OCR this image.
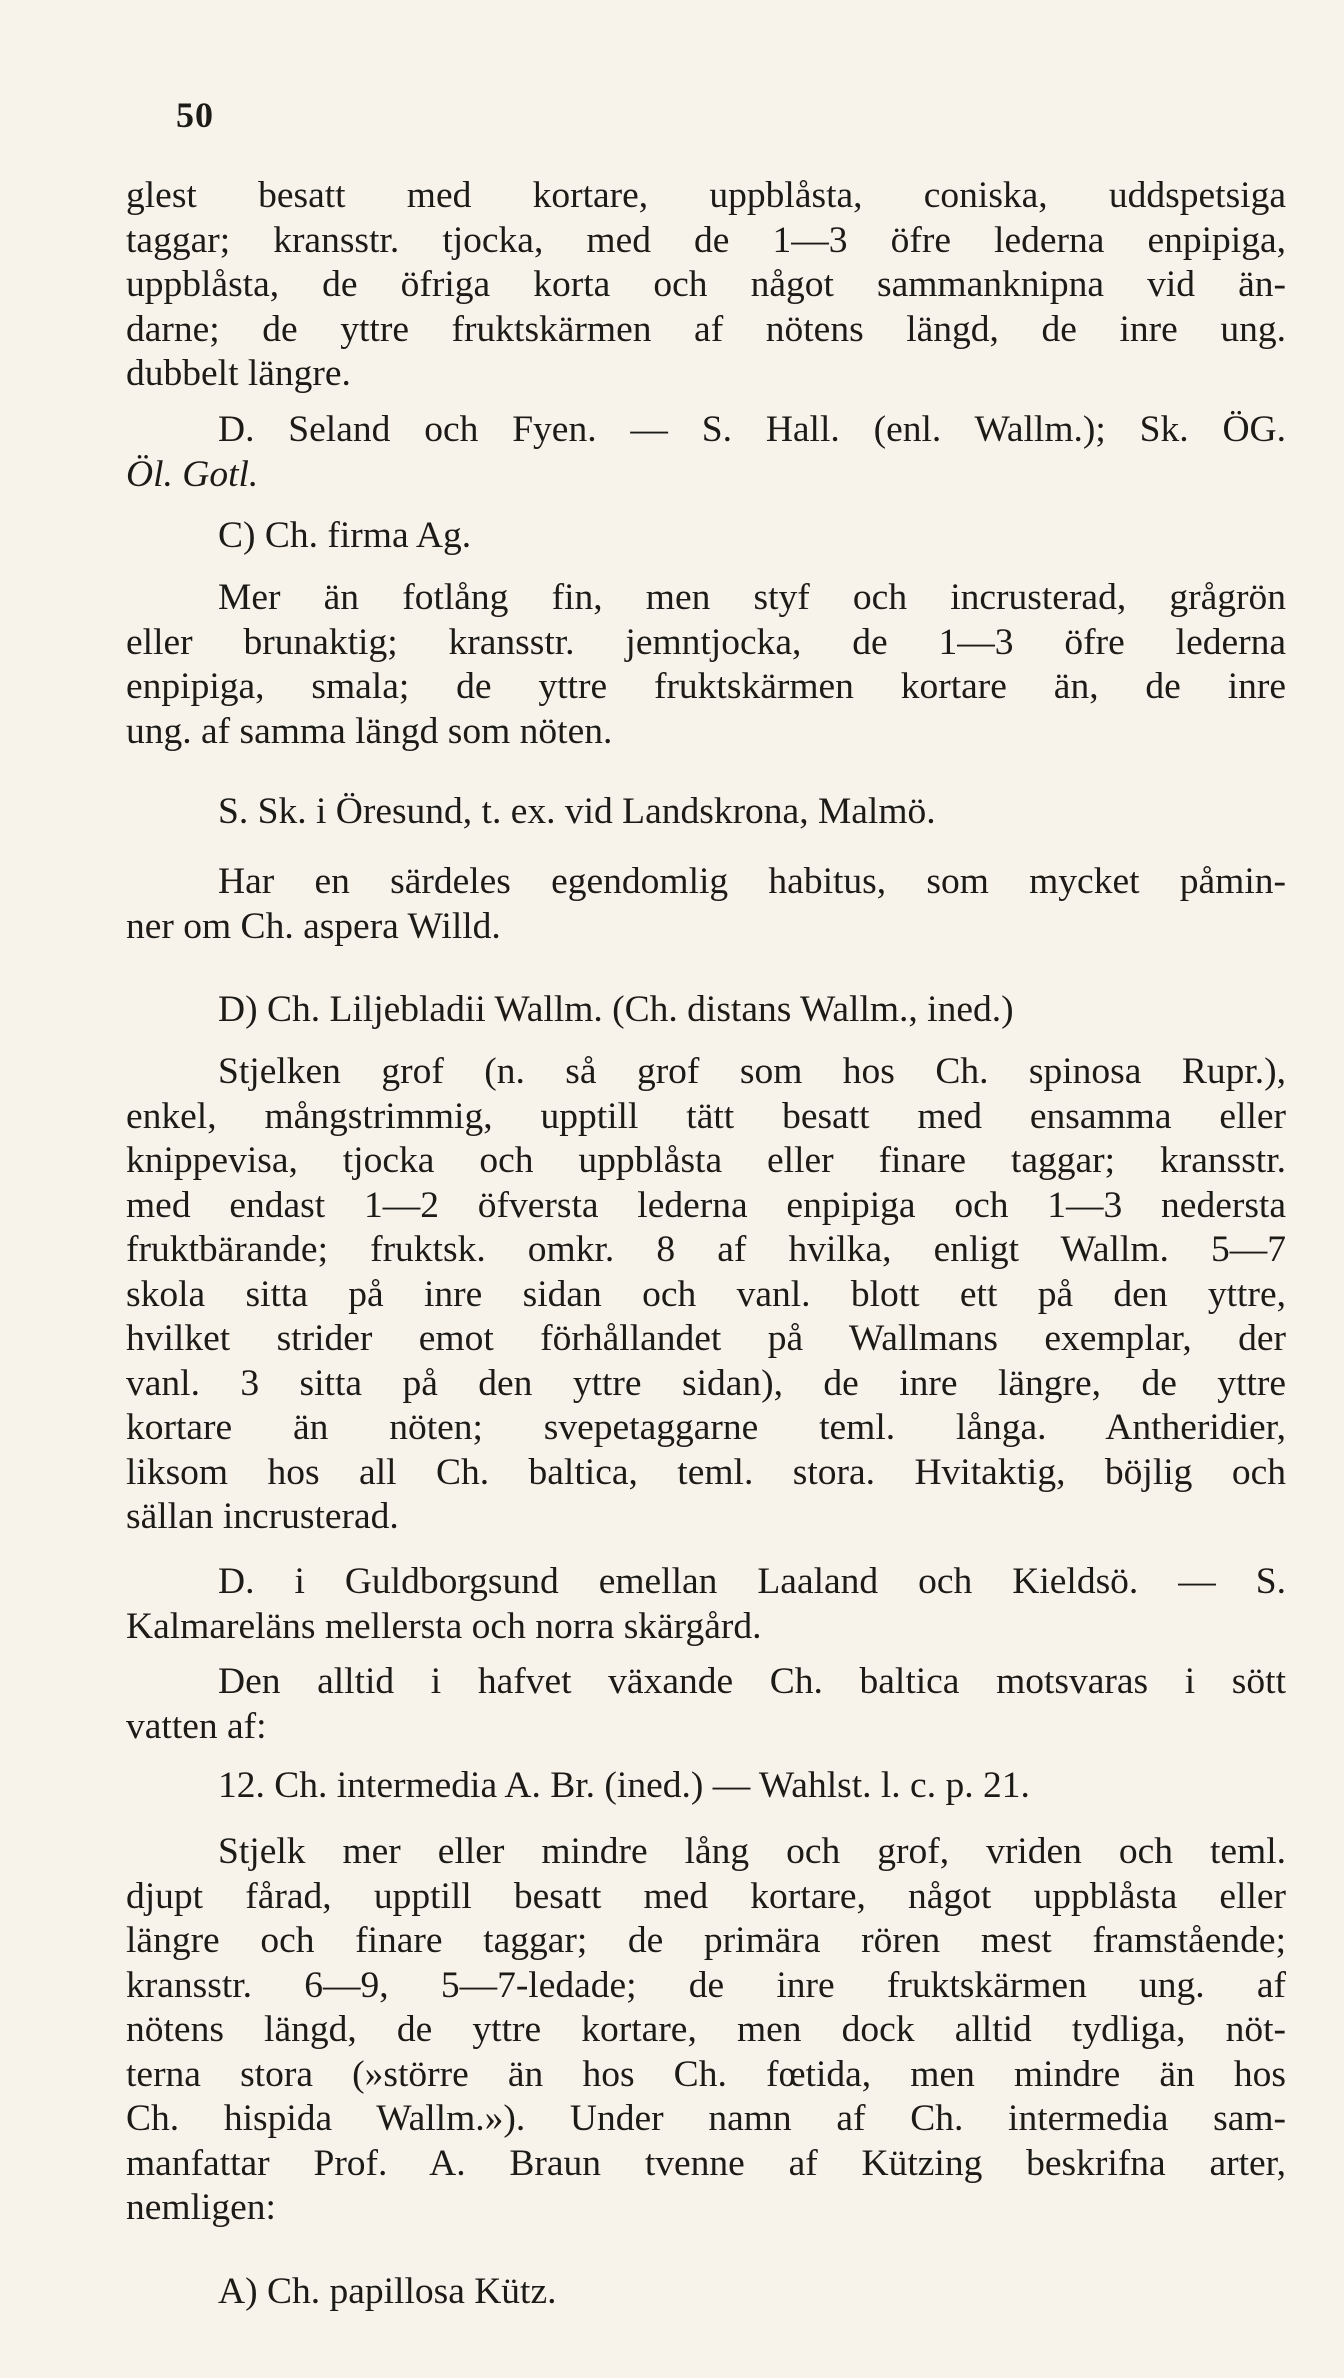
50
glest besatt med kortare, uppblåsta, coniska, uddspetsiga
taggar; kransstr. tjocka, med de 1—3 öfre lederna enpipiga,
uppblåsta, de öfriga korta och något sammanknipna vid än-
darne; de yttre fruktskärmen af nötens längd, de inre ung.
dubbelt längre.
D. Seland och Fyen. — S. Hall. (enl. Wallm.); Sk. ÖG.
Öl. Gotl.
C) Ch. firma Ag.
Mer än fotlång fin, men styf och incrusterad, grågrön
eller brunaktig; kransstr. jemntjocka, de 1—3 öfre lederna
enpipiga, smala; de yttre fruktskärmen kortare än, de inre
ung. af samma längd som nöten.
S. Sk. i Öresund, t. ex. vid Landskrona, Malmö.
Har en särdeles egendomlig habitus, som mycket påmin-
ner om Ch. aspera Willd.
D) Ch. Liljebladii Wallm. (Ch. distans Wallm., ined.)
Stjelken grof (n. så grof som hos Ch. spinosa Rupr.),
enkel, mångstrimmig, upptill tätt besatt med ensamma eller
knippevisa, tjocka och uppblåsta eller finare taggar; kransstr.
med endast 1—2 öfversta lederna enpipiga och 1—3 nedersta
fruktbärande; fruktsk. omkr. 8 af hvilka, enligt Wallm. 5—7
skola sitta på inre sidan och vanl. blott ett på den yttre,
hvilket strider emot förhållandet på Wallmans exemplar, der
vanl. 3 sitta på den yttre sidan), de inre längre, de yttre
kortare än nöten; svepetaggarne teml. långa. Antheridier,
liksom hos all Ch. baltica, teml. stora. Hvitaktig, böjlig och
sällan incrusterad.
D. i Guldborgsund emellan Laaland och Kieldsö. — S.
Kalmareläns mellersta och norra skärgård.
Den alltid i hafvet växande Ch. baltica motsvaras i sött
vatten af:
12. Ch. intermedia A. Br. (ined.) — Wahlst. l. c. p. 21.
Stjelk mer eller mindre lång och grof, vriden och teml.
djupt fårad, upptill besatt med kortare, något uppblåsta eller
längre och finare taggar; de primära rören mest framstående;
kransstr. 6—9, 5—7-ledade; de inre fruktskärmen ung. af
nötens längd, de yttre kortare, men dock alltid tydliga, nöt-
terna stora (»större än hos Ch. fœtida, men mindre än hos
Ch. hispida Wallm.»). Under namn af Ch. intermedia sam-
manfattar Prof. A. Braun tvenne af Kützing beskrifna arter,
nemligen:
A) Ch. papillosa Kütz.
